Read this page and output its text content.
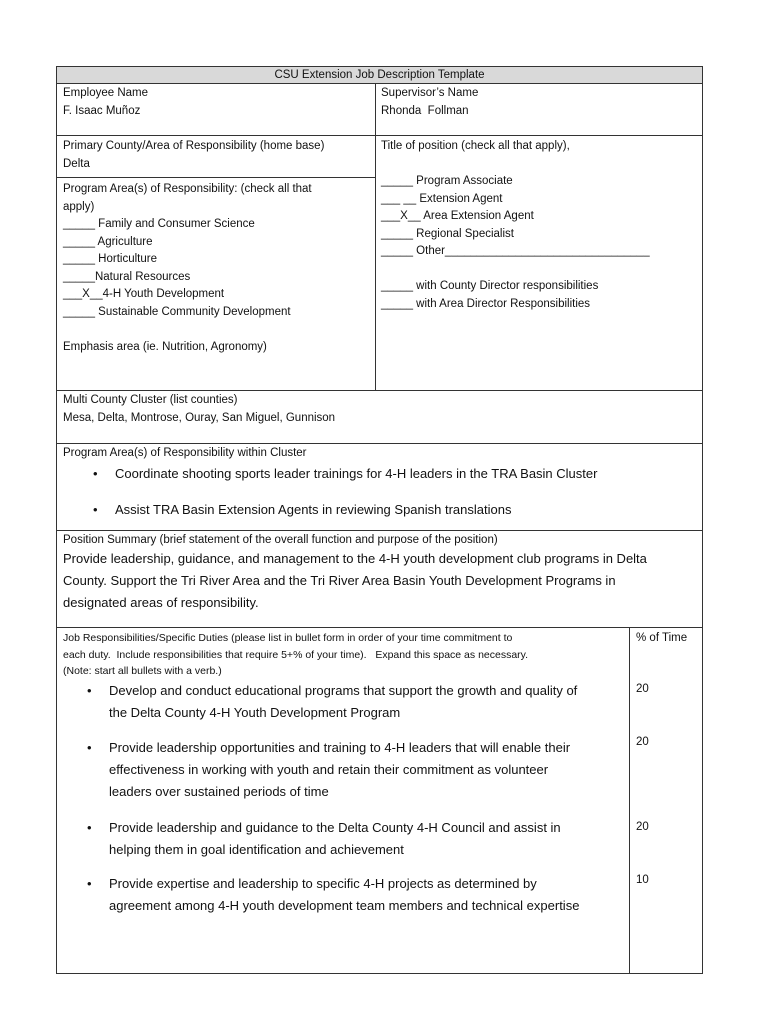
CSU Extension Job Description Template
Employee Name
F. Isaac Muñoz
Supervisor’s Name
Rhonda  Follman
Primary County/Area of Responsibility (home base)
Delta
Program Area(s) of Responsibility: (check all that
apply)
_____ Family and Consumer Science
_____ Agriculture
_____ Horticulture
_____Natural Resources
___X__4-H Youth Development
_____ Sustainable Community Development

Emphasis area (ie. Nutrition, Agronomy)
Title of position (check all that apply),

_____ Program Associate
___ __ Extension Agent
___X__ Area Extension Agent
_____ Regional Specialist
_____ Other________________________________

_____ with County Director responsibilities
_____ with Area Director Responsibilities
Multi County Cluster (list counties)
Mesa, Delta, Montrose, Ouray, San Miguel, Gunnison
Program Area(s) of Responsibility within Cluster
• Coordinate shooting sports leader trainings for 4-H leaders in the TRA Basin Cluster
• Assist TRA Basin Extension Agents in reviewing Spanish translations
Position Summary (brief statement of the overall function and purpose of the position)
Provide leadership, guidance, and management to the 4-H youth development club programs in Delta
County. Support the Tri River Area and the Tri River Area Basin Youth Development Programs in
designated areas of responsibility.
Job Responsibilities/Specific Duties (please list in bullet form in order of your time commitment to
each duty.  Include responsibilities that require 5+% of your time).   Expand this space as necessary.
(Note: start all bullets with a verb.)
% of Time
• Develop and conduct educational programs that support the growth and quality of
the Delta County 4-H Youth Development Program
20
• Provide leadership opportunities and training to 4-H leaders that will enable their
effectiveness in working with youth and retain their commitment as volunteer
leaders over sustained periods of time
20
• Provide leadership and guidance to the Delta County 4-H Council and assist in
helping them in goal identification and achievement
20
• Provide expertise and leadership to specific 4-H projects as determined by
agreement among 4-H youth development team members and technical expertise
10
